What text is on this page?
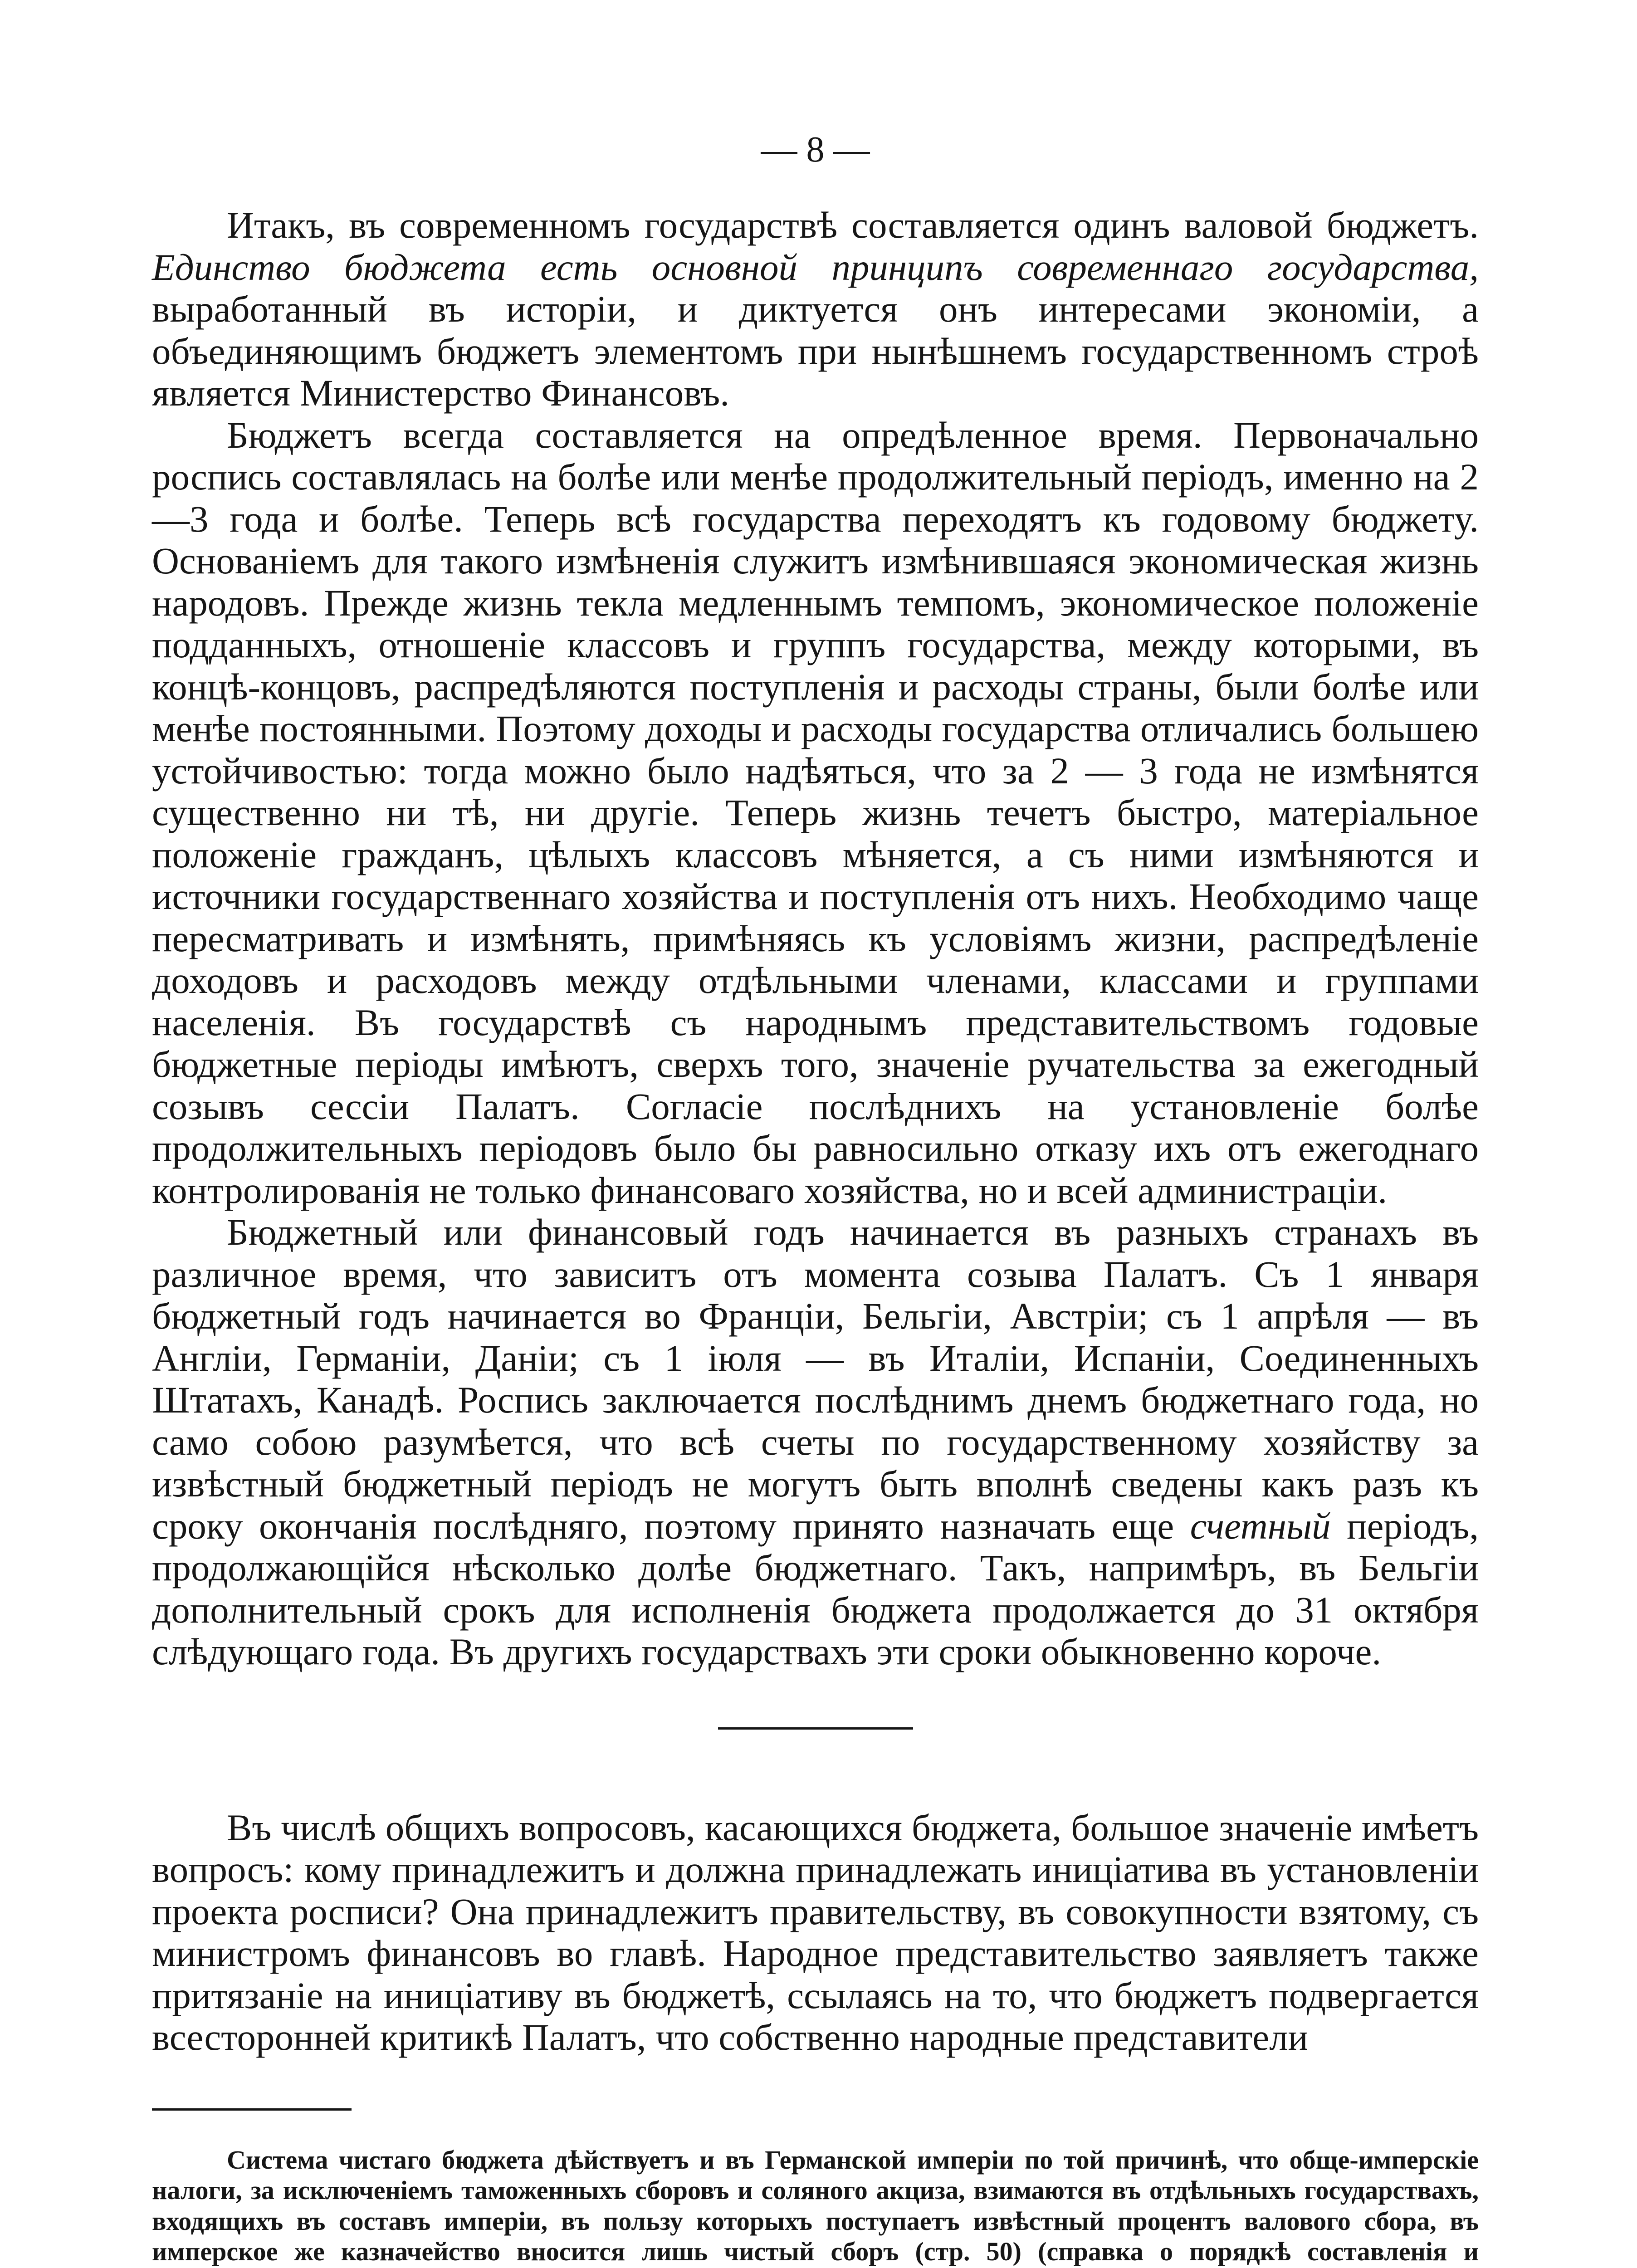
— 8 —

Итакъ, въ современномъ государствѣ составляется одинъ валовой бюджетъ. Единство бюджета есть основной принципъ современнаго государства, выработанный въ исторіи, и диктуется онъ интересами экономіи, а объединяющимъ бюджетъ элементомъ при нынѣшнемъ государственномъ строѣ является Министерство Финансовъ.

Бюджетъ всегда составляется на опредѣленное время. Первоначально роспись составлялась на болѣе или менѣе продолжительный періодъ, именно на 2—3 года и болѣе. Теперь всѣ государства переходятъ къ годовому бюджету. Основаніемъ для такого измѣненія служитъ измѣнившаяся экономическая жизнь народовъ. Прежде жизнь текла медленнымъ темпомъ, экономическое положеніе подданныхъ, отношеніе классовъ и группъ государства, между которыми, въ концѣ-концовъ, распредѣляются поступленія и расходы страны, были болѣе или менѣе постоянными. Поэтому доходы и расходы государства отличались большею устойчивостью: тогда можно было надѣяться, что за 2 — 3 года не измѣнятся существенно ни тѣ, ни другіе. Теперь жизнь течетъ быстро, матеріальное положеніе гражданъ, цѣлыхъ классовъ мѣняется, а съ ними измѣняются и источники государственнаго хозяйства и поступленія отъ нихъ. Необходимо чаще пересматривать и измѣнять, примѣняясь къ условіямъ жизни, распредѣленіе доходовъ и расходовъ между отдѣльными членами, классами и группами населенія. Въ государствѣ съ народнымъ представительствомъ годовые бюджетные періоды имѣютъ, сверхъ того, значеніе ручательства за ежегодный созывъ сессіи Палатъ. Согласіе послѣднихъ на установленіе болѣе продолжительныхъ періодовъ было бы равносильно отказу ихъ отъ ежегоднаго контролированія не только финансоваго хозяйства, но и всей администраціи.

Бюджетный или финансовый годъ начинается въ разныхъ странахъ въ различное время, что зависитъ отъ момента созыва Палатъ. Съ 1 января бюджетный годъ начинается во Франціи, Бельгіи, Австріи; съ 1 апрѣля — въ Англіи, Германіи, Даніи; съ 1 іюля — въ Италіи, Испаніи, Соединенныхъ Штатахъ, Канадѣ. Роспись заключается послѣднимъ днемъ бюджетнаго года, но само собою разумѣется, что всѣ счеты по государственному хозяйству за извѣстный бюджетный періодъ не могутъ быть вполнѣ сведены какъ разъ къ сроку окончанія послѣдняго, поэтому принято назначать еще счетный періодъ, продолжающійся нѣсколько долѣе бюджетнаго. Такъ, напримѣръ, въ Бельгіи дополнительный срокъ для исполненія бюджета продолжается до 31 октября слѣдующаго года. Въ другихъ государствахъ эти сроки обыкновенно короче.

Въ числѣ общихъ вопросовъ, касающихся бюджета, большое значеніе имѣетъ вопросъ: кому принадлежитъ и должна принадлежать иниціатива въ установленіи проекта росписи? Она принадлежитъ правительству, въ совокупности взятому, съ министромъ финансовъ во главѣ. Народное представительство заявляетъ также притязаніе на иниціативу въ бюджетѣ, ссылаясь на то, что бюджетъ подвергается всесторонней критикѣ Палатъ, что собственно народные представители

Система чистаго бюджета дѣйствуетъ и въ Германской имперіи по той причинѣ, что обще-имперскіе налоги, за исключеніемъ таможенныхъ сборовъ и соляного акциза, взимаются въ отдѣльныхъ государствахъ, входящихъ въ составъ имперіи, въ пользу которыхъ поступаетъ извѣстный процентъ валового сбора, въ имперское же казначейство вносится лишь чистый сборъ (стр. 50) (справка о порядкѣ составленія и
